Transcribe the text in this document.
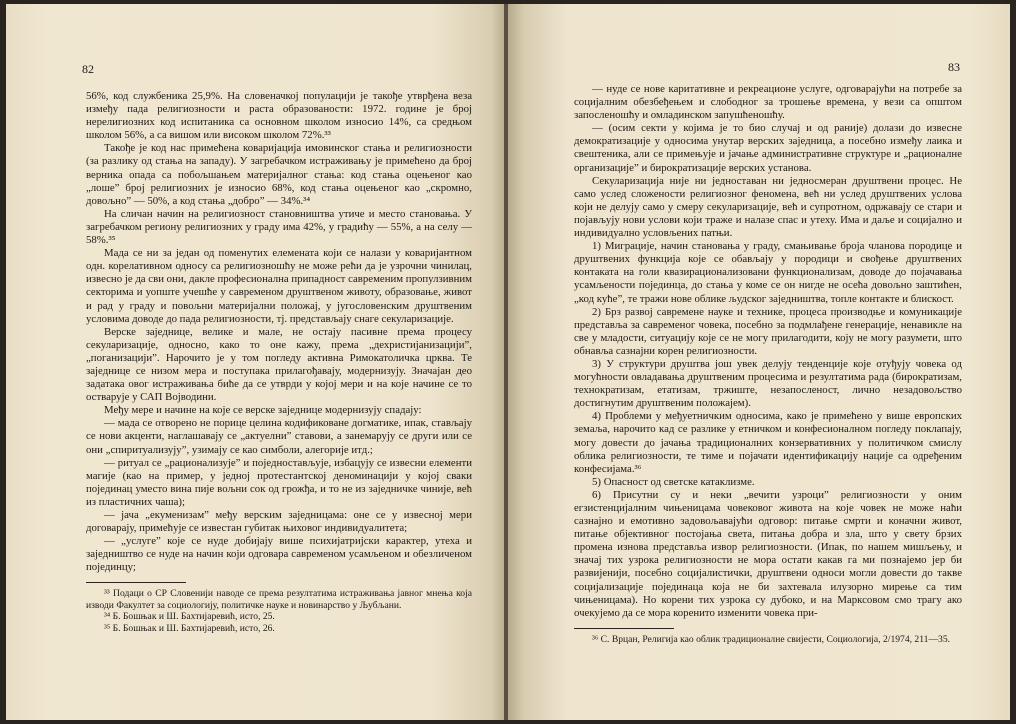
82

56%, код службеника 25,9%. На словеначкој популацији је такође утврђена веза између пада религиозности и раста образованости: 1972. године је број нерелигиозних код испитаника са основном школом износио 14%, са средњом школом 56%, а са вишом или високом школом 72%.³³

Такође је код нас примећена коваријација имовинског стања и религиозности (за разлику од стања на западу). У загребачком истраживању је примећено да број верника опада са побољшањем материјалног стања: код стања оцењеног као „лоше” број религиозних је износио 68%, код стања оцењеног као „скромно, довољно” — 50%, а код стања „добро” — 34%.³⁴

На сличан начин на религиозност становништва утиче и место становања. У загребачком региону религиозних у граду има 42%, у градићу — 55%, а на селу — 58%.³⁵

Мада се ни за један од поменутих елемената који се налази у коваријантном одн. корелативном односу са религиозношћу не може рећи да је узрочни чинилац, извесно је да сви они, дакле професионална припадност савременим пропулзивним секторима и уопште учешће у савременом друштвеном животу, образовање, живот и рад у граду и повољни материјални положај, у југословенским друштвеним условима доводе до пада религиозности, тј. представљају снаге секуларизације.

Верске заједнице, велике и мале, не остају пасивне према процесу секуларизације, односно, како то оне кажу, према „дехристијанизацији”, „поганизацији”. Нарочито је у том погледу активна Римокатоличка црква. Те заједнице се низом мера и поступака прилагођавају, модернизују. Значајан део задатака овог истраживања биће да се утврди у којој мери и на које начине се то остварује у САП Војводини.

Међу мере и начине на које се верске заједнице модернизују спадају:

— мада се отворено не порице целина кодификоване догматике, ипак, стављају се нови акценти, наглашавају се „актуелни” ставови, а занемарују се други или се они „спиритуализују”, узимају се као симболи, алегорије итд.;

— ритуал се „рационализује” и поједностављује, избацују се извесни елементи магије (као на пример, у једној протестантској деноминацији у којој сваки појединац уместо вина пије вољни сок од грожђа, и то не из заједничке чиније, већ из пластичних чаша);

— јача „екуменизам” међу верским заједницама: оне се у извесној мери договарају, примећује се известан губитак њиховог индивидуалитета;

— „услуге” које се нуде добијају више психијатријски карактер, утеха и заједништво се нуде на начин који одговара савременом усамљеном и обезличеном појединцу;

³³ Подаци о СР Словенији наводе се према резултатима истраживања јавног мнења која изводи Факултет за социологију, политичке науке и новинарство у Љубљани.

³⁴ Б. Бошњак и Ш. Бахтијаревић, исто, 25.

³⁵ Б. Бошњак и Ш. Бахтијаревић, исто, 26.

83

— нуде се нове каритативне и рекреационе услуге, одговарајући на потребе за социјалним обезбеђењем и слободног за трошење времена, у вези са општом запосленошћу и омладинском запушћеношћу.

— (осим секти у којима је то био случај и од раније) долази до извесне демократизације у односима унутар верских заједница, а посебно између лаика и свештеника, али се примењује и јачање административне структуре и „рационалне организације” и бирократизације верских установа.

Секуларизација није ни једноставан ни једносмеран друштвени процес. Не само услед сложености религиозног феномена, већ ни услед друштвених услова који не делују само у смеру секуларизације, већ и супротном, одржавају се стари и појављују нови услови који траже и налазе спас и утеху. Има и даље и социјално и индивидуално условљених патњи.

1) Миграције, начин становања у граду, смањивање броја чланова породице и друштвених функција које се обављају у породици и свођење друштвених контаката на голи квазирационализовани функционализам, доводе до појачавања усамљености појединца, до стања у коме се он нигде не осећа довољно заштићен, „код куће”, те тражи нове облике људског заједништва, топле контакте и блискост.

2) Брз развој савремене науке и технике, процеса производње и комуникације представља за савременог човека, посебно за подмлађене генерације, ненавикле на све у младости, ситуацију које се не могу прилагодити, коју не могу разумети, што обнавља сазнајни корен религиозности.

3) У структури друштва још увек делују тенденције које отуђују човека од могућности овладавања друштвеним процесима и резултатима рада (бирократизам, технократизам, етатизам, тржиште, незапосленост, лично незадовољство достигнутим друштвеним положајем).

4) Проблеми у међуетничким односима, како је примећено у више европских земаља, нарочито кад се разлике у етничком и конфесионалном погледу поклапају, могу довести до јачања традиционалних конзервативних у политичком смислу облика религиозности, те тиме и појачати идентификацију нације са одређеним конфесијама.³⁶

5) Опасност од светске катаклизме.

6) Присутни су и неки „вечити узроци” религиозности у оним егзистенцијалним чињеницама човековог живота на које човек не може наћи сазнајно и емотивно задовољавајући одговор: питање смрти и коначни живот, питање објективног постојања света, питања добра и зла, што у свету брзих промена изнова представља извор религиозности. (Ипак, по нашем мишљењу, и значај тих узрока религиозности не мора остати какав га ми познајемо јер би развијенији, посебно социјалистички, друштвени односи могли довести до такве социјализације појединаца која не би захтевала илузорно мирење са тим чињеницама). Но корени тих узрока су дубоко, и на Марксовом смо трагу ако очекујемо да се мора коренито изменити човека при-

³⁶ С. Врцан, Религија као облик традиционалне свијести, Социологија, 2/1974, 211—35.
